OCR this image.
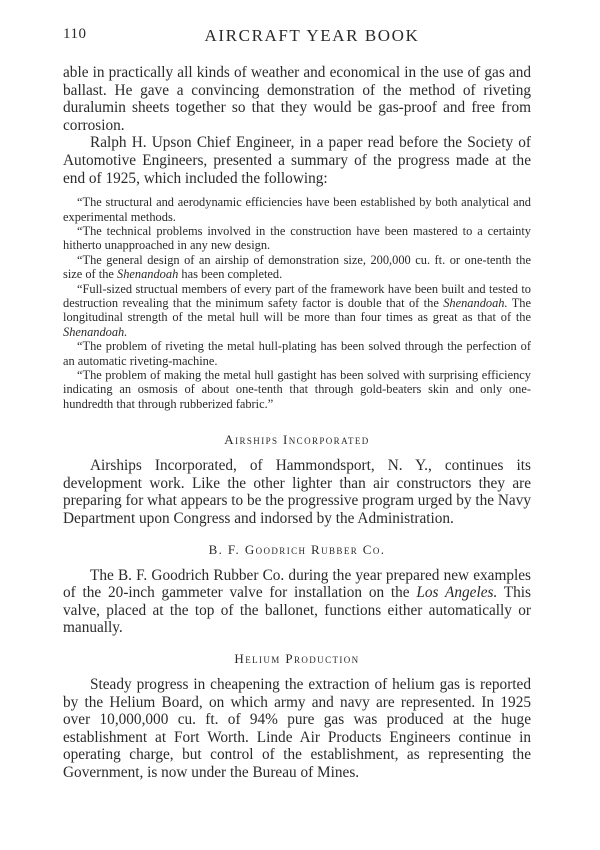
110	AIRCRAFT YEAR BOOK

able in practically all kinds of weather and economical in the use of gas and ballast. He gave a convincing demonstration of the method of riveting duralumin sheets together so that they would be gas-proof and free from corrosion.

Ralph H. Upson Chief Engineer, in a paper read before the Society of Automotive Engineers, presented a summary of the progress made at the end of 1925, which included the following:

“The structural and aerodynamic efficiencies have been established by both analytical and experimental methods.

“The technical problems involved in the construction have been mastered to a certainty hitherto unapproached in any new design.

“The general design of an airship of demonstration size, 200,000 cu. ft. or one-tenth the size of the Shenandoah has been completed.

“Full-sized structual members of every part of the framework have been built and tested to destruction revealing that the minimum safety factor is double that of the Shenandoah. The longitudinal strength of the metal hull will be more than four times as great as that of the Shenandoah.

“The problem of riveting the metal hull-plating has been solved through the perfection of an automatic riveting-machine.

“The problem of making the metal hull gastight has been solved with surprising efficiency indicating an osmosis of about one-tenth that through gold-beaters skin and only one-hundredth that through rubberized fabric.”

Airships Incorporated

Airships Incorporated, of Hammondsport, N. Y., continues its development work. Like the other lighter than air constructors they are preparing for what appears to be the progressive program urged by the Navy Department upon Congress and indorsed by the Administration.

B. F. Goodrich Rubber Co.

The B. F. Goodrich Rubber Co. during the year prepared new examples of the 20-inch gammeter valve for installation on the Los Angeles. This valve, placed at the top of the ballonet, functions either automatically or manually.

Helium Production

Steady progress in cheapening the extraction of helium gas is reported by the Helium Board, on which army and navy are represented. In 1925 over 10,000,000 cu. ft. of 94% pure gas was produced at the huge establishment at Fort Worth. Linde Air Products Engineers continue in operating charge, but control of the establishment, as representing the Government, is now under the Bureau of Mines.
